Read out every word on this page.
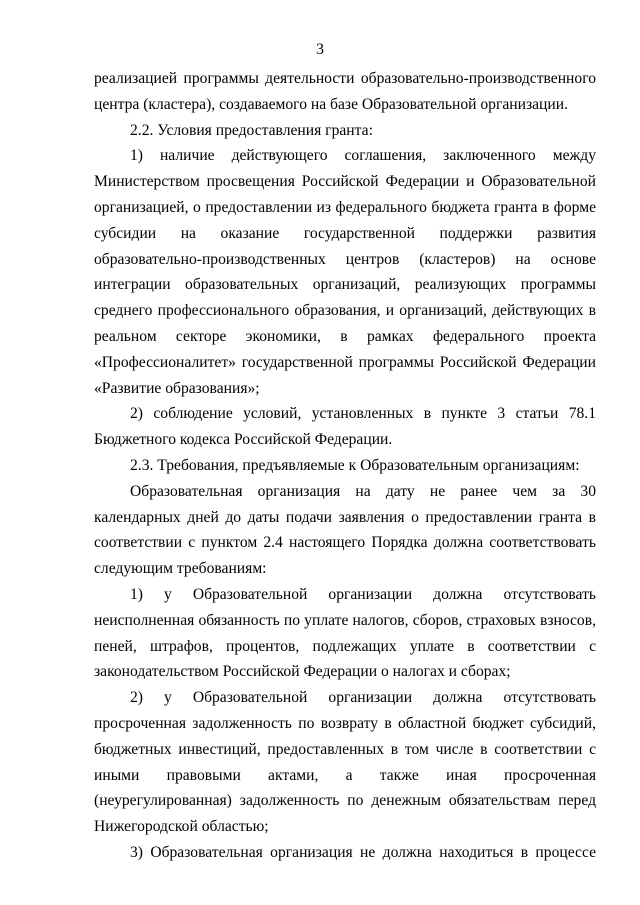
3

реализацией программы деятельности образовательно-производственного центра (кластера), создаваемого на базе Образовательной организации.

2.2. Условия предоставления гранта:

1) наличие действующего соглашения, заключенного между Министерством просвещения Российской Федерации и Образовательной организацией, о предоставлении из федерального бюджета гранта в форме субсидии на оказание государственной поддержки развития образовательно-производственных центров (кластеров) на основе интеграции образовательных организаций, реализующих программы среднего профессионального образования, и организаций, действующих в реальном секторе экономики, в рамках федерального проекта «Профессионалитет» государственной программы Российской Федерации «Развитие образования»;

2) соблюдение условий, установленных в пункте 3 статьи 78.1 Бюджетного кодекса Российской Федерации.

2.3. Требования, предъявляемые к Образовательным организациям:

Образовательная организация на дату не ранее чем за 30 календарных дней до даты подачи заявления о предоставлении гранта в соответствии с пунктом 2.4 настоящего Порядка должна соответствовать следующим требованиям:

1) у Образовательной организации должна отсутствовать неисполненная обязанность по уплате налогов, сборов, страховых взносов, пеней, штрафов, процентов, подлежащих уплате в соответствии с законодательством Российской Федерации о налогах и сборах;

2) у Образовательной организации должна отсутствовать просроченная задолженность по возврату в областной бюджет субсидий, бюджетных инвестиций, предоставленных в том числе в соответствии с иными правовыми актами, а также иная просроченная (неурегулированная) задолженность по денежным обязательствам перед Нижегородской областью;

3) Образовательная организация не должна находиться в процессе
